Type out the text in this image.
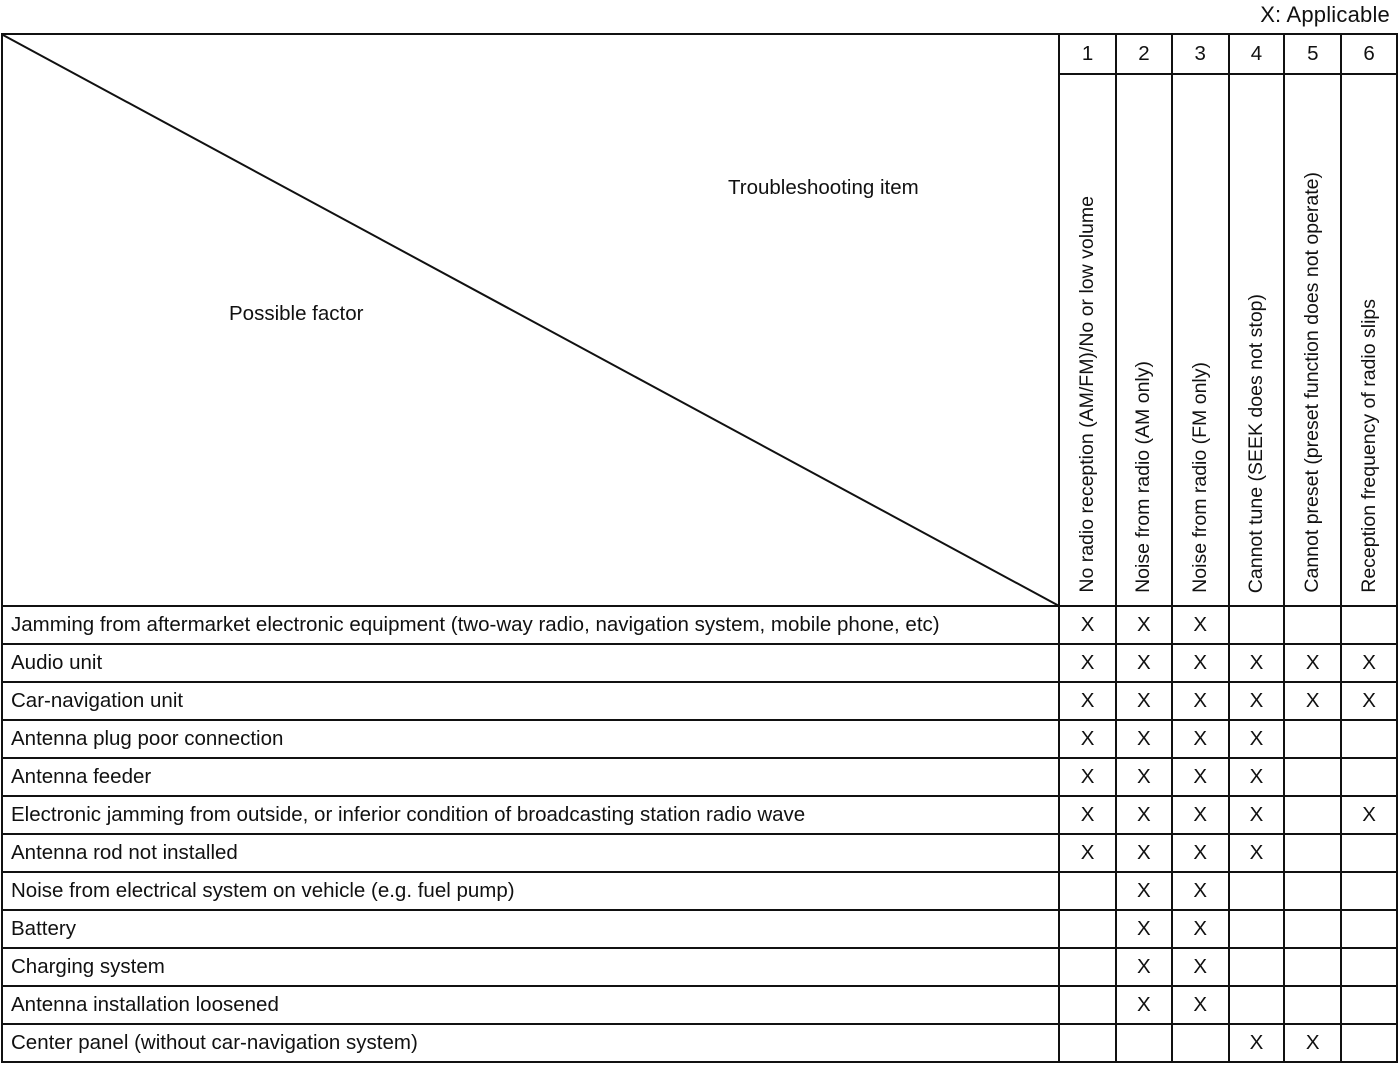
X: Applicable
Troubleshooting item
Possible factor	1	2	3	4	5	6
	No radio reception (AM/FM)/No or low volume	Noise from radio (AM only)	Noise from radio (FM only)	Cannot tune (SEEK does not stop)	Cannot preset (preset function does not operate)	Reception frequency of radio slips
Jamming from aftermarket electronic equipment (two-way radio, navigation system, mobile phone, etc)	X	X	X			
Audio unit	X	X	X	X	X	X
Car-navigation unit	X	X	X	X	X	X
Antenna plug poor connection	X	X	X	X		
Antenna feeder	X	X	X	X		
Electronic jamming from outside, or inferior condition of broadcasting station radio wave	X	X	X	X		X
Antenna rod not installed	X	X	X	X		
Noise from electrical system on vehicle (e.g. fuel pump)		X	X			
Battery		X	X			
Charging system		X	X			
Antenna installation loosened		X	X			
Center panel (without car-navigation system)				X	X	
